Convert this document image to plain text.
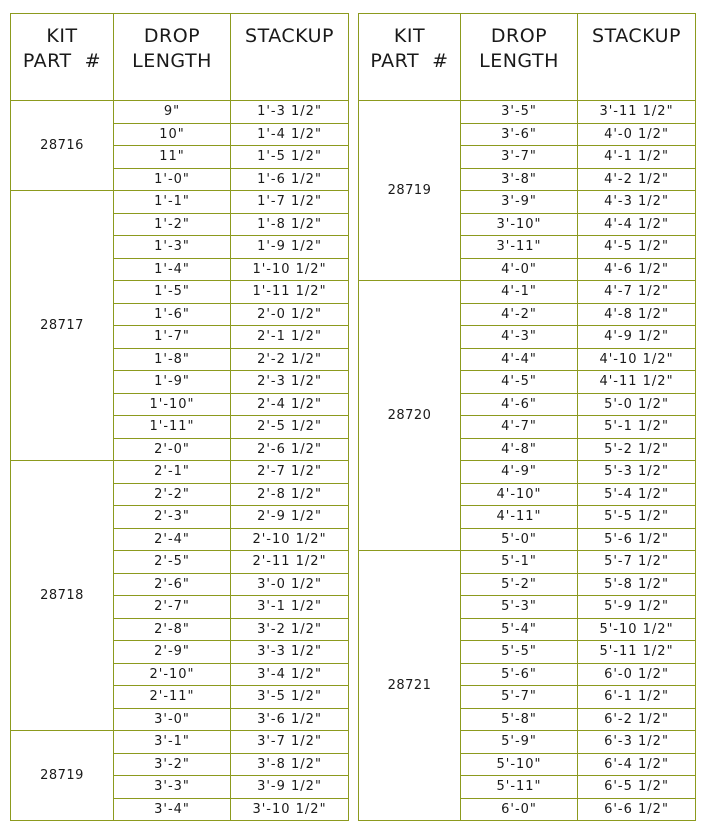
KIT
PART  #	DROP
LENGTH	STACKUP

28716	9"	1'-3 1/2"
	10"	1'-4 1/2"
	11"	1'-5 1/2"
	1'-0"	1'-6 1/2"
28717	1'-1"	1'-7 1/2"
	1'-2"	1'-8 1/2"
	1'-3"	1'-9 1/2"
	1'-4"	1'-10 1/2"
	1'-5"	1'-11 1/2"
	1'-6"	2'-0 1/2"
	1'-7"	2'-1 1/2"
	1'-8"	2'-2 1/2"
	1'-9"	2'-3 1/2"
	1'-10"	2'-4 1/2"
	1'-11"	2'-5 1/2"
	2'-0"	2'-6 1/2"
28718	2'-1"	2'-7 1/2"
	2'-2"	2'-8 1/2"
	2'-3"	2'-9 1/2"
	2'-4"	2'-10 1/2"
	2'-5"	2'-11 1/2"
	2'-6"	3'-0 1/2"
	2'-7"	3'-1 1/2"
	2'-8"	3'-2 1/2"
	2'-9"	3'-3 1/2"
	2'-10"	3'-4 1/2"
	2'-11"	3'-5 1/2"
	3'-0"	3'-6 1/2"
28719	3'-1"	3'-7 1/2"
	3'-2"	3'-8 1/2"
	3'-3"	3'-9 1/2"
	3'-4"	3'-10 1/2"
KIT
PART  #	DROP
LENGTH	STACKUP

28719	3'-5"	3'-11 1/2"
	3'-6"	4'-0 1/2"
	3'-7"	4'-1 1/2"
	3'-8"	4'-2 1/2"
	3'-9"	4'-3 1/2"
	3'-10"	4'-4 1/2"
	3'-11"	4'-5 1/2"
	4'-0"	4'-6 1/2"
28720	4'-1"	4'-7 1/2"
	4'-2"	4'-8 1/2"
	4'-3"	4'-9 1/2"
	4'-4"	4'-10 1/2"
	4'-5"	4'-11 1/2"
	4'-6"	5'-0 1/2"
	4'-7"	5'-1 1/2"
	4'-8"	5'-2 1/2"
	4'-9"	5'-3 1/2"
	4'-10"	5'-4 1/2"
	4'-11"	5'-5 1/2"
	5'-0"	5'-6 1/2"
28721	5'-1"	5'-7 1/2"
	5'-2"	5'-8 1/2"
	5'-3"	5'-9 1/2"
	5'-4"	5'-10 1/2"
	5'-5"	5'-11 1/2"
	5'-6"	6'-0 1/2"
	5'-7"	6'-1 1/2"
	5'-8"	6'-2 1/2"
	5'-9"	6'-3 1/2"
	5'-10"	6'-4 1/2"
	5'-11"	6'-5 1/2"
	6'-0"	6'-6 1/2"
